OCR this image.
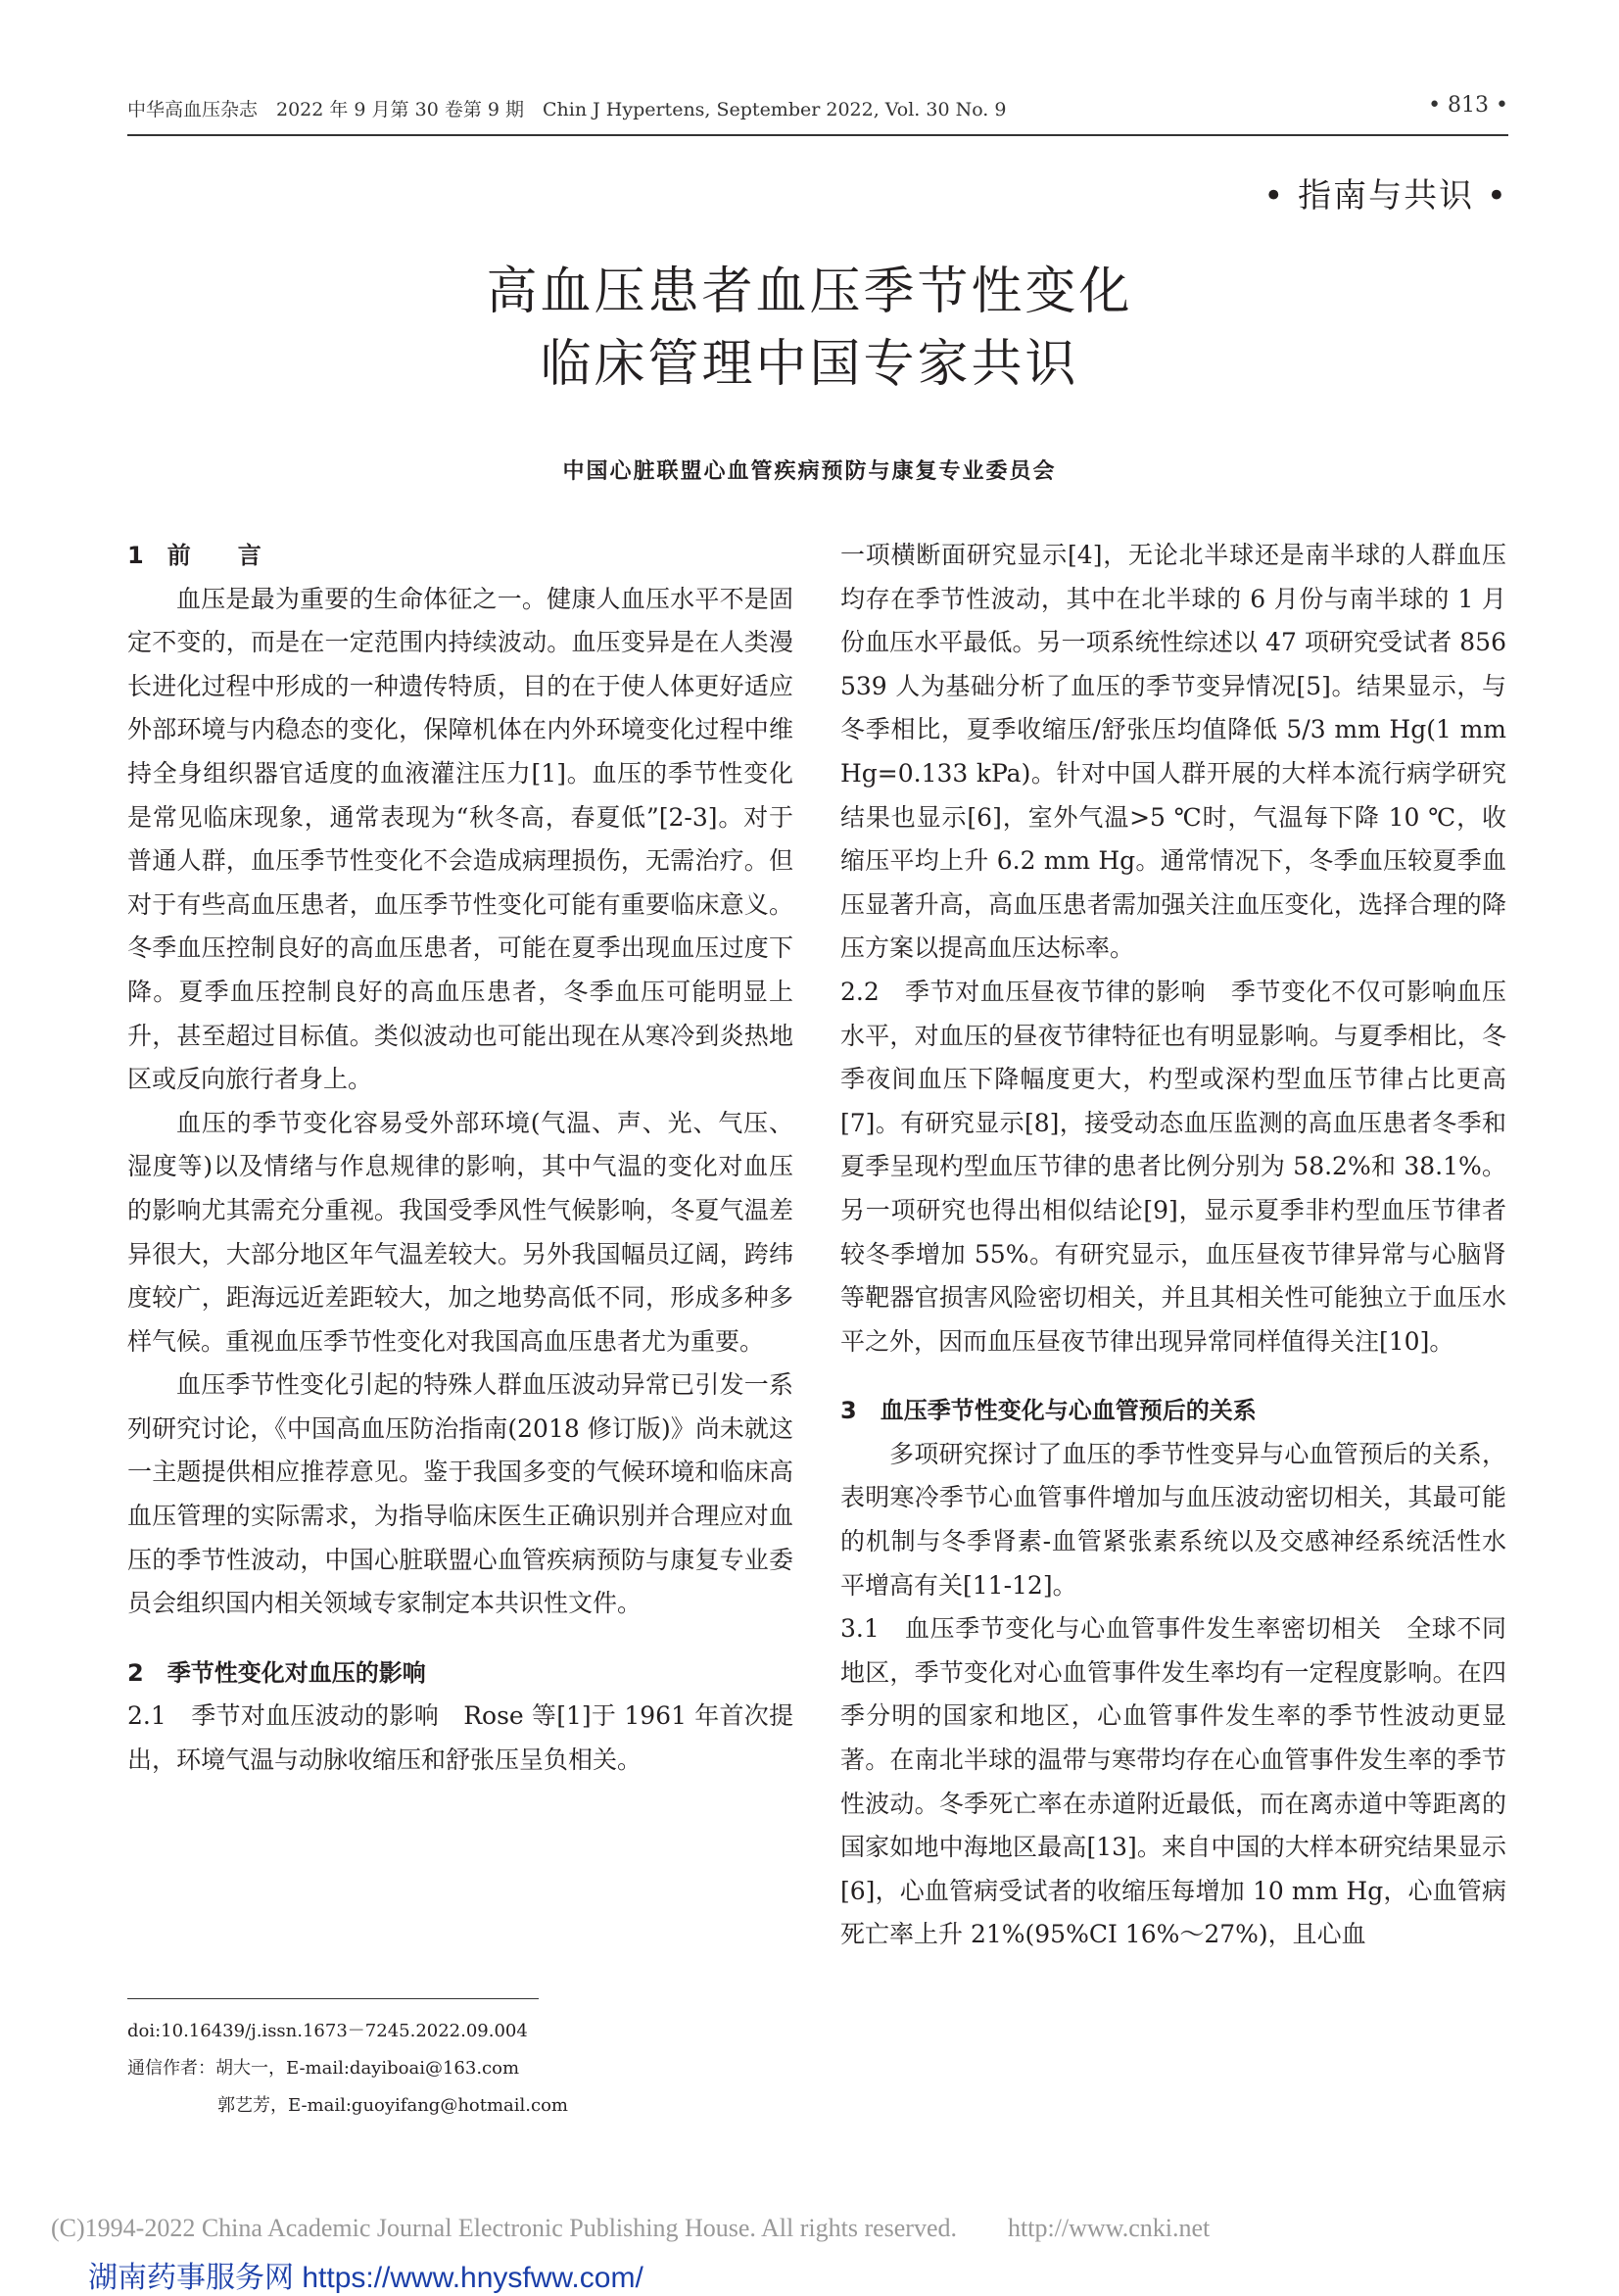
中华高血压杂志　2022 年 9 月第 30 卷第 9 期　Chin J Hypertens, September 2022, Vol. 30 No. 9	• 813 •
• 指南与共识 •
高血压患者血压季节性变化
临床管理中国专家共识
中国心脏联盟心血管疾病预防与康复专业委员会

1　前　　言

血压是最为重要的生命体征之一。健康人血压水平不是固定不变的，而是在一定范围内持续波动。血压变异是在人类漫长进化过程中形成的一种遗传特质，目的在于使人体更好适应外部环境与内稳态的变化，保障机体在内外环境变化过程中维持全身组织器官适度的血液灌注压力[1]。血压的季节性变化是常见临床现象，通常表现为“秋冬高，春夏低”[2-3]。对于普通人群，血压季节性变化不会造成病理损伤，无需治疗。但对于有些高血压患者，血压季节性变化可能有重要临床意义。冬季血压控制良好的高血压患者，可能在夏季出现血压过度下降。夏季血压控制良好的高血压患者，冬季血压可能明显上升，甚至超过目标值。类似波动也可能出现在从寒冷到炎热地区或反向旅行者身上。

血压的季节变化容易受外部环境(气温、声、光、气压、湿度等)以及情绪与作息规律的影响，其中气温的变化对血压的影响尤其需充分重视。我国受季风性气候影响，冬夏气温差异很大，大部分地区年气温差较大。另外我国幅员辽阔，跨纬度较广，距海远近差距较大，加之地势高低不同，形成多种多样气候。重视血压季节性变化对我国高血压患者尤为重要。

血压季节性变化引起的特殊人群血压波动异常已引发一系列研究讨论，《中国高血压防治指南(2018 修订版)》尚未就这一主题提供相应推荐意见。鉴于我国多变的气候环境和临床高血压管理的实际需求，为指导临床医生正确识别并合理应对血压的季节性波动，中国心脏联盟心血管疾病预防与康复专业委员会组织国内相关领域专家制定本共识性文件。

2　季节性变化对血压的影响

2.1　季节对血压波动的影响　Rose 等[1]于 1961 年首次提出，环境气温与动脉收缩压和舒张压呈负相关。

一项横断面研究显示[4]，无论北半球还是南半球的人群血压均存在季节性波动，其中在北半球的 6 月份与南半球的 1 月份血压水平最低。另一项系统性综述以 47 项研究受试者 856 539 人为基础分析了血压的季节变异情况[5]。结果显示，与冬季相比，夏季收缩压/舒张压均值降低 5/3 mm Hg(1 mm Hg=0.133 kPa)。针对中国人群开展的大样本流行病学研究结果也显示[6]，室外气温>5 ℃时，气温每下降 10 ℃，收缩压平均上升 6.2 mm Hg。通常情况下，冬季血压较夏季血压显著升高，高血压患者需加强关注血压变化，选择合理的降压方案以提高血压达标率。

2.2　季节对血压昼夜节律的影响　季节变化不仅可影响血压水平，对血压的昼夜节律特征也有明显影响。与夏季相比，冬季夜间血压下降幅度更大，杓型或深杓型血压节律占比更高[7]。有研究显示[8]，接受动态血压监测的高血压患者冬季和夏季呈现杓型血压节律的患者比例分别为 58.2%和 38.1%。另一项研究也得出相似结论[9]，显示夏季非杓型血压节律者较冬季增加 55%。有研究显示，血压昼夜节律异常与心脑肾等靶器官损害风险密切相关，并且其相关性可能独立于血压水平之外，因而血压昼夜节律出现异常同样值得关注[10]。

3　血压季节性变化与心血管预后的关系

多项研究探讨了血压的季节性变异与心血管预后的关系，表明寒冷季节心血管事件增加与血压波动密切相关，其最可能的机制与冬季肾素-血管紧张素系统以及交感神经系统活性水平增高有关[11-12]。

3.1　血压季节变化与心血管事件发生率密切相关　全球不同地区，季节变化对心血管事件发生率均有一定程度影响。在四季分明的国家和地区，心血管事件发生率的季节性波动更显著。在南北半球的温带与寒带均存在心血管事件发生率的季节性波动。冬季死亡率在赤道附近最低，而在离赤道中等距离的国家如地中海地区最高[13]。来自中国的大样本研究结果显示[6]，心血管病受试者的收缩压每增加 10 mm Hg，心血管病死亡率上升 21%(95%CI 16%～27%)，且心血

doi:10.16439/j.issn.1673－7245.2022.09.004

通信作者：胡大一，E-mail:dayiboai@163.com

郭艺芳，E-mail:guoyifang@hotmail.com

(C)1994-2022 China Academic Journal Electronic Publishing House. All rights reserved.　　http://www.cnki.net
湖南药事服务网 https://www.hnysfww.com/
